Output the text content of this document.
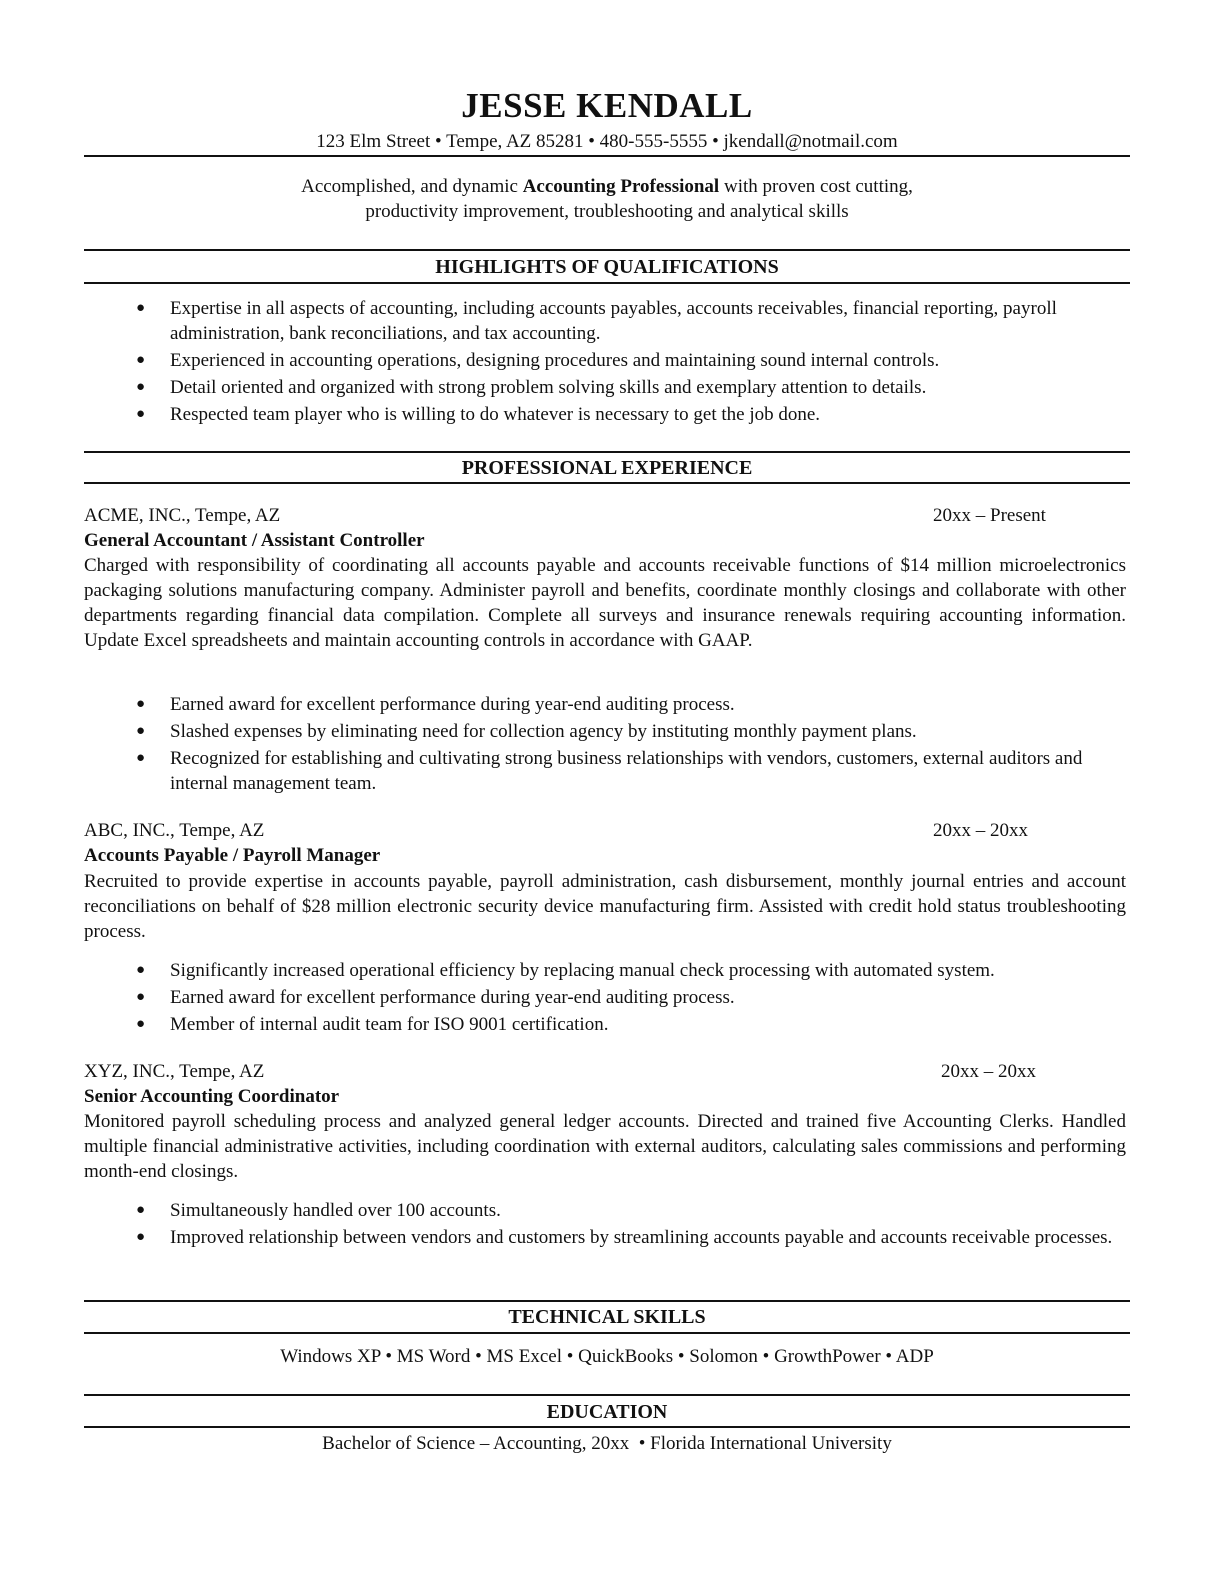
JESSE KENDALL
123 Elm Street • Tempe, AZ 85281 • 480-555-5555 • jkendall@notmail.com
Accomplished, and dynamic Accounting Professional with proven cost cutting,
productivity improvement, troubleshooting and analytical skills
HIGHLIGHTS OF QUALIFICATIONS
● Expertise in all aspects of accounting, including accounts payables, accounts receivables, financial reporting, payroll administration, bank reconciliations, and tax accounting.
● Experienced in accounting operations, designing procedures and maintaining sound internal controls.
● Detail oriented and organized with strong problem solving skills and exemplary attention to details.
● Respected team player who is willing to do whatever is necessary to get the job done.
PROFESSIONAL EXPERIENCE
ACME, INC., Tempe, AZ	20xx – Present
General Accountant / Assistant Controller
Charged with responsibility of coordinating all accounts payable and accounts receivable functions of $14 million microelectronics packaging solutions manufacturing company. Administer payroll and benefits, coordinate monthly closings and collaborate with other departments regarding financial data compilation. Complete all surveys and insurance renewals requiring accounting information. Update Excel spreadsheets and maintain accounting controls in accordance with GAAP.
● Earned award for excellent performance during year-end auditing process.
● Slashed expenses by eliminating need for collection agency by instituting monthly payment plans.
● Recognized for establishing and cultivating strong business relationships with vendors, customers, external auditors and internal management team.
ABC, INC., Tempe, AZ	20xx – 20xx
Accounts Payable / Payroll Manager
Recruited to provide expertise in accounts payable, payroll administration, cash disbursement, monthly journal entries and account reconciliations on behalf of $28 million electronic security device manufacturing firm. Assisted with credit hold status troubleshooting process.
● Significantly increased operational efficiency by replacing manual check processing with automated system.
● Earned award for excellent performance during year-end auditing process.
● Member of internal audit team for ISO 9001 certification.
XYZ, INC., Tempe, AZ	20xx – 20xx
Senior Accounting Coordinator
Monitored payroll scheduling process and analyzed general ledger accounts. Directed and trained five Accounting Clerks. Handled multiple financial administrative activities, including coordination with external auditors, calculating sales commissions and performing month-end closings.
● Simultaneously handled over 100 accounts.
● Improved relationship between vendors and customers by streamlining accounts payable and accounts receivable processes.
TECHNICAL SKILLS
Windows XP • MS Word • MS Excel • QuickBooks • Solomon • GrowthPower • ADP
EDUCATION
Bachelor of Science – Accounting, 20xx  • Florida International University
